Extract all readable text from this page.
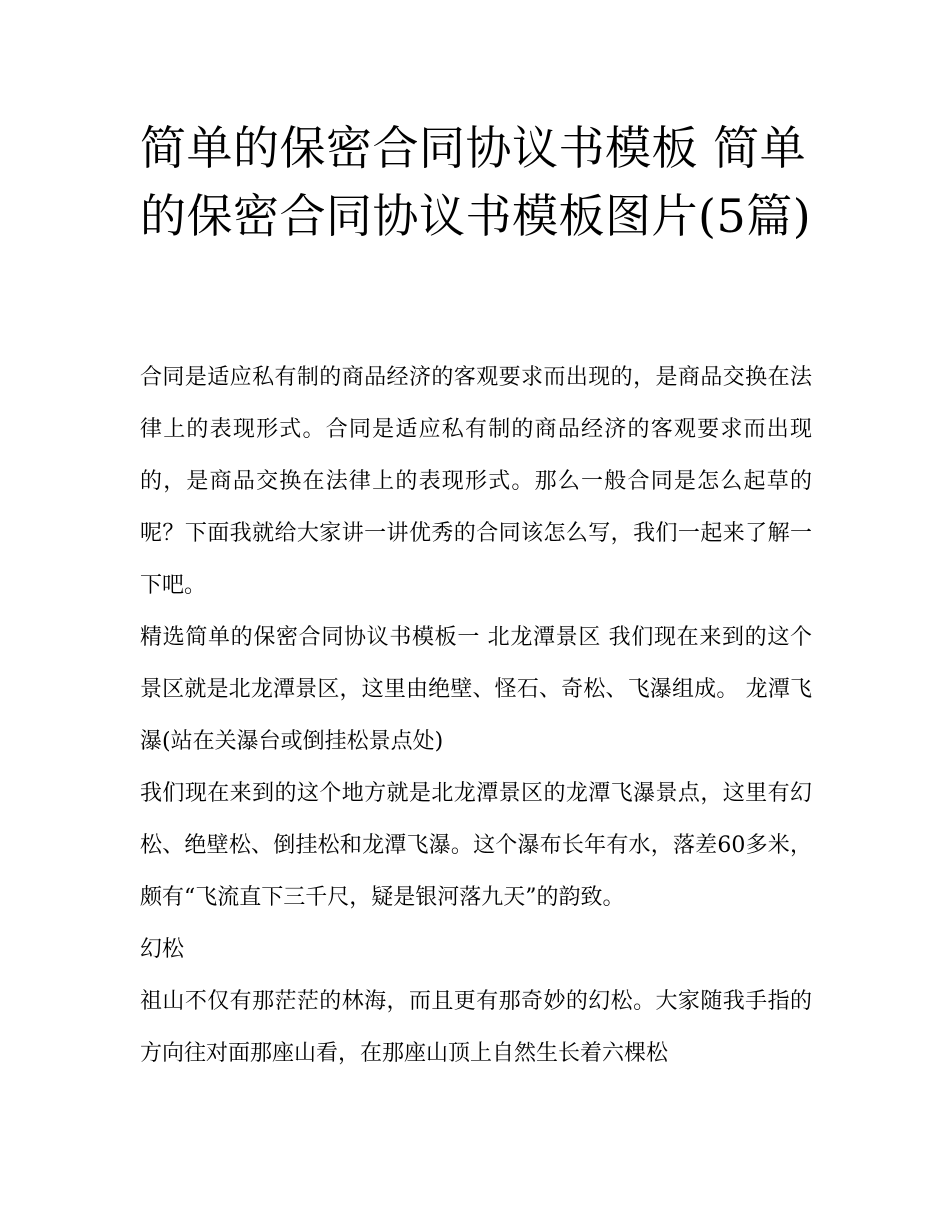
简单的保密合同协议书模板 简单的保密合同协议书模板图片(5篇)

合同是适应私有制的商品经济的客观要求而出现的，是商品交换在法律上的表现形式。合同是适应私有制的商品经济的客观要求而出现的，是商品交换在法律上的表现形式。那么一般合同是怎么起草的呢？下面我就给大家讲一讲优秀的合同该怎么写，我们一起来了解一下吧。

精选简单的保密合同协议书模板一 北龙潭景区 我们现在来到的这个景区就是北龙潭景区，这里由绝壁、怪石、奇松、飞瀑组成。 龙潭飞瀑(站在关瀑台或倒挂松景点处)

我们现在来到的这个地方就是北龙潭景区的龙潭飞瀑景点，这里有幻松、绝壁松、倒挂松和龙潭飞瀑。这个瀑布长年有水，落差60多米，颇有“飞流直下三千尺，疑是银河落九天”的韵致。

幻松

祖山不仅有那茫茫的林海，而且更有那奇妙的幻松。大家随我手指的方向往对面那座山看，在那座山顶上自然生长着六棵松
